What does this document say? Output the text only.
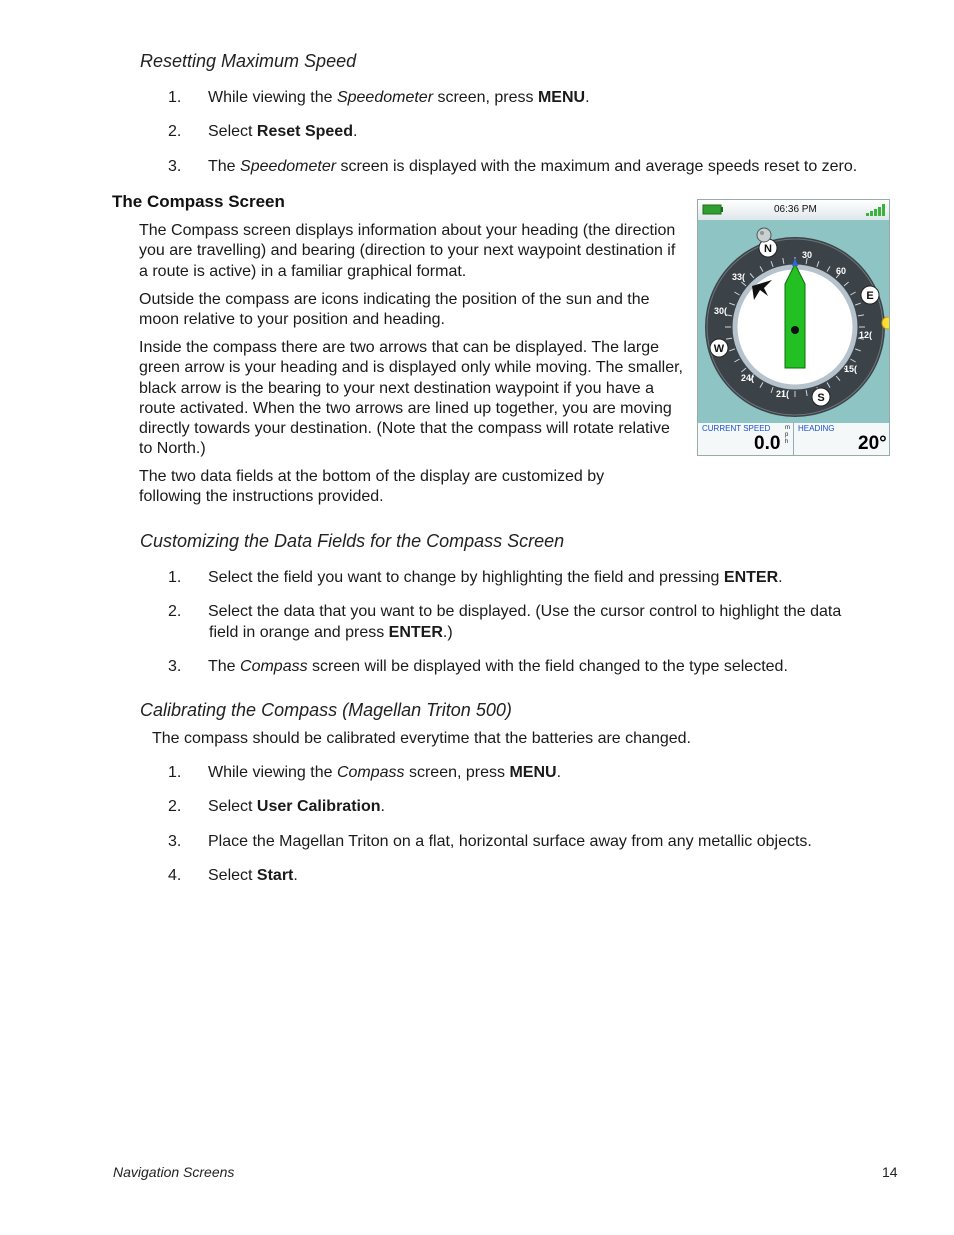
Resetting Maximum Speed
1.	While viewing the Speedometer screen, press MENU.
2.	Select Reset Speed.
3.	The Speedometer screen is displayed with the maximum and average speeds reset to zero.
The Compass Screen
The Compass screen displays information about your heading (the direction you are travelling) and bearing (direction to your next waypoint destination if a route is active) in a familiar graphical format.
Outside the compass are icons indicating the position of the sun and the moon relative to your position and heading.
Inside the compass there are two arrows that can be displayed. The large green arrow is your heading and is displayed only while moving. The smaller, black arrow is the bearing to your next destination waypoint if you have a route activated. When the two arrows are lined up together, you are moving directly towards your destination. (Note that the compass will rotate relative to North.)
The two data fields at the bottom of the display are customized by following the instructions provided.
06:36 PM
30
60
12(
15(
21(
24(
30(
33(
N
E
S
W
CURRENT SPEED
0.0
m
p
h
HEADING
20°
Customizing the Data Fields for the Compass Screen
1.	Select the field you want to change by highlighting the field and pressing ENTER.
2.	Select the data that you want to be displayed. (Use the cursor control to highlight the data
field in orange and press ENTER.)
3.	The Compass screen will be displayed with the field changed to the type selected.
Calibrating the Compass (Magellan Triton 500)
The compass should be calibrated everytime that the batteries are changed.
1.	While viewing the Compass screen, press MENU.
2.	Select User Calibration.
3.	Place the Magellan Triton on a flat, horizontal surface away from any metallic objects.
4.	Select Start.
Navigation Screens	14
